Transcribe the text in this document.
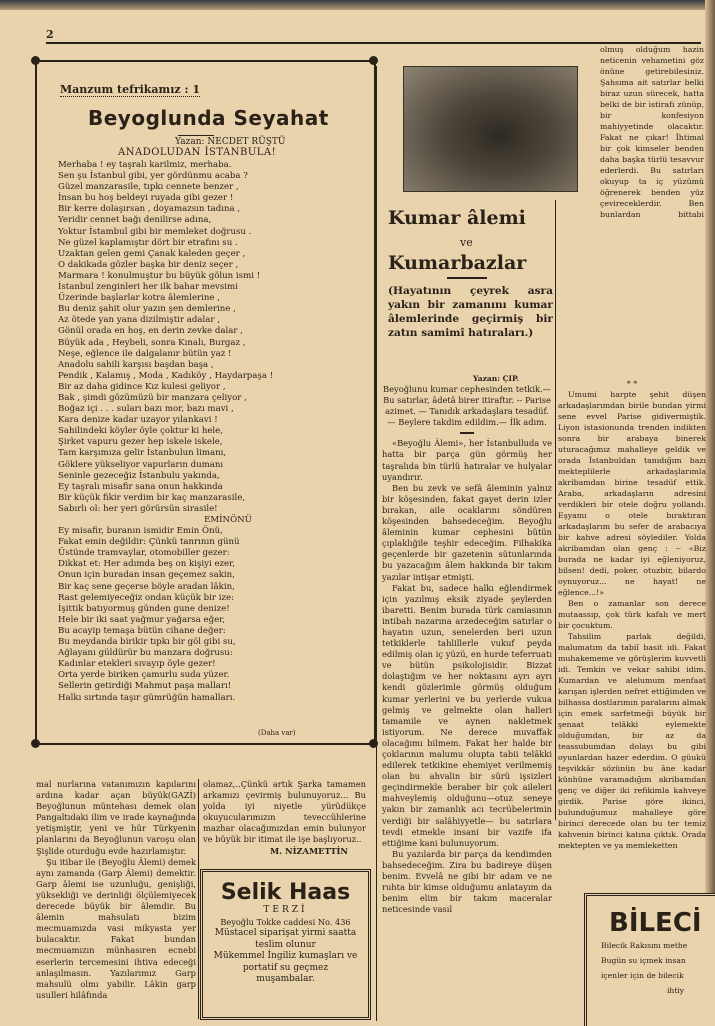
2
Manzum tefrikamız : 1
Beyoglunda Seyahat
Yazan: NECDET RÜŞTÜ
ANADOLUDAN İSTANBULA!
Merhaba ! ey taşralı karilmiz, merhaba.
Sen şu İstanbul gibi, yer gördünmu acaba ?
Güzel manzarasile, tıpkı cennete benzer ,
İnsan bu hoş beldeyi ruyada gibi gezer !
Bir kerre dolaşırsan , doyamazsın tadına ,
Yeridir cennet bağı denilirse adına,
Yoktur İstambul gibi bir memleket doğrusu .
Ne güzel kaplamıştır dört bir etrafını su .
Uzaktan gelen gemi Çanak kaleden geçer ,
O dakikada gözler başka bir deniz seçer ,
Marmara ! konulmuştur bu büyük gölun ismi !
İstanbul zenginleri her ilk bahar mevsimi
Üzerinde başlarlar kotra âlemlerine ,
Bu deniz şahit olur yazın şen demlerine ,
Az ötede yan yana dizilmiştir adalar ,
Gönül orada en hoş, en derin zevke dalar ,
Büyük ada , Heybeli, sonra Kınalı, Burgaz ,
Neşe, eğlence ile dalgalanır bütün yaz !
Anadolu sahili karşısı başdan başa ,
Pendik , Kalamış , Moda , Kadıköy , Haydarpaşa !
Bir az daha gidince Kız kulesi geliyor ,
Bak , şimdi gözümüzü bir manzara çeliyor ,
Boğaz içi . . . suları bazı mor, bazı mavi ,
Kara denize kadar uzayor yılankavi !
Sahilindeki köyler öyle çoktur ki hele,
Şirket vapuru gezer hep iskele iskele,
Tam karşımıza gelir İstanbulun limanı,
Göklere yükseliyor vapurların dumanı
Seninle gezeceğiz İstanbulu yakında,
Ey taşralı misafir sana onun hakkında
Bir küçük fikir verdim bir kaç manzarasile,
Sabırlı ol: her yeri görürsün sirasile!
EMİNÖNÜ
Ey misafir, buranın ismidir Emin Önü,
Fakat emin değildir: Çünkü tanrının günü
Üstünde tramvaylar, otomobiller gezer:
Dikkat et: Her adımda beş on kişiyi ezer,
Onun için buradan insan geçemez sakin,
Bir kaç sene geçerse böyle aradan lâkin,
Rast gelemiyeceğiz ondan küçük bir ize:
İşittik batıyormuş günden gune denize!
Hele bir iki saat yağmur yağarsa eğer,
Bu acayip temaşa bütün cihane değer:
Bu meydanda birikir tıpkı bir göl gibi su,
Ağlayanı güldürür bu manzara doğrusu:
Kadınlar etekleri sıvayıp öyle gezer!
Orta yerde biriken çamurlu suda yüzer.
Sellerin getirdiği Mahmut paşa malları!
Halkı sırtında taşır gümrüğün hamalları.
(Daha var)
mal nurlarına vatanımızın kapılarını ardına kadar açan büyük(GAZİ) Beyoğlunun müntehası demek olan Pangaltıdaki ilim ve irade kaynağında yetişmiştir, yeni ve hür Türkyenin planlarını da Beyoğlunun varoşu olan Şişlide oturduğu evde hazırlamıştır.
Şu itibar ile (Beyoğlu Âlemi) demek aynı zamanda (Garp Âlemi) demektir. Garp âlemi ise uzunluğu, genişliği, yüksekliği ve derinliği ölçülemiyecek derecede büyük bir âlemdir. Bu âlemin mahsulatı bizim mecmuamızda vasi mikyasta yer bulacaktır. Fakat bundan mecmuamızın münhasıren ecnebi eserlerin tercemesini ihtiva edeceği anlaşılmasın. Yazılarımız Garp mahsulü olmı yabilir. Lâkin garp usulleri hilâfında
olamaz,..Çünkü artık Şarka tamamen arkamızı çevirmiş bulunuyoruz... Bu yolda iyi niyetle yürüdükçe okuyucularımızın teveccühlerine mazhar olacağımızdan emin bulunyor ve büyük bir itimat ile işe başlıyoruz..
M. NİZAMETTİN
Selik Haas
TERZİ
Beyoğlu Tokke caddesi No. 436
Müstacel siparişat yirmi saatta teslim olunur
Mükemmel İngiliz kumaşları ve portatif su geçmez muşambalar.
Kumar âlemi
ve
Kumarbazlar
(Hayatının çeyrek asra yakın bir zamanını kumar âlemlerinde geçirmiş bir zatın samimî hatıraları.)
Yazan: ÇIP.
Beyoğlunu kumar cephesinden tetkik.— Bu satırlar, âdetâ birer itiraftır. -- Parise azimet. — Tanıdık arkadaşlara tesadüf. — Beylere takdim edildim.— İlk adım.
«Beyoğlu Âlemi», her İstanbulluda ve hatta bir parça gün görmüş her taşralıda bin türlü hatıralar ve hulyalar uyandırır.
Ben bu zevk ve sefâ âleminin yalnız bir köşesinden, fakat gayet derin izler bırakan, aile ocaklarını söndüren köşesinden bahsedeceğim. Beyoğlu âleminin kumar cephesini bütün çıplaklığile teşhir edeceğim. Filhakika geçenlerde bir gazetenin sütunlarında bu yazacağım âlem hakkında bir takım yazılar intişar etmişti.
Fakat bu, sadece halkı eğlendirmek için yazılmış eksik ziyade şeylerden ibaretti. Benim burada türk camiasının intibah nazarına arzedeceğim satırlar o hayatın uzun, senelerden beri uzun tetkiklerle tahlillerle vukuf peyda edilmiş olan iç yüzü, en hurde teferruatı ve bütün psikolojisidir. Bizzat dolaştığım ve her noktasını ayrı ayrı kendi gözlerimle görmüş olduğum kumar yerlerini ve bu yerlerde vukua gelmiş ve gelmekte olan halleri tamamile ve aynen nakletmek istiyorum. Ne derece muvaffak olacağımı bilmem. Fakat her halde bir çoklarının malumu olupta tabii telâkki edilerek tetkikine ehemiyet verilmemiş olan bu ahvalin bir sürü işsizleri geçindirmekle beraber bir çok aileleri mahveylemiş olduğunu—otuz seneye yakın bir zamanlık acı tecrübelerimin verdiği bir salâhiyyetle— bu satırlara tevdi etmekle insani bir vazife ifa ettiğime kani bulunuyorum.
Bu yazılarda bir parça da kendimden bahsedeceğim. Zira bu badireye düşen benim. Evvelâ ne gibi bir adam ve ne ruhta bir kimse olduğumu anlatayım da benim elim bir takım maceralar neticesinde vasıl
olmuş olduğum hazin neticenin vehametini göz önüne getirebilesiniz. Şahsıma ait satırlar belki biraz uzun sürecek, hatta belki de bir istirafı zünüp, bir konfesiyon mahiyyetinde olacaktır. Fakat ne çıkar! İhtimal bir çok kimseler benden daha başka türlü tesavvur ederlerdi. Bu satırları okuyup ta iç yüzümü öğrenerek benden yüz çevireceklerdir. Ben bunlardan bittabi
* *
Umumi harpte şehit düşen arkadaşlarımdan birile bundan yirmi sene evvel Parise gidivermiştik. Liyon istasionunda trenden indikten sonra bir arabaya binerek uturacağımız mahalleye geldik ve orada İstanbuldan tanıdığım bazı mekteplilerle arkadaşlarımla akribamdan birine tesadüf ettik. Araba, arkadaşların adresini verdikleri bir otele doğru yollandı. Eşyamı o otele bıraktıran arkadaşlarım bu sefer de arabacıya bir kahve adresi söylediler. Yolda akribamdan olan genç : -- «Biz burada ne kadar iyi eğleniyoruz, bilsen! dedi, poker, otuzbir, bilardo oynuyoruz... ne hayat! ne eğlence...!»
Ben o zamanlar son derece mutaassıp, çok türk kafalı ve mert bir çocuktum.
Tahsilim parlak değildi, malumatım da tabiî basit idi. Fakat muhakememe ve görüşlerim kuvvetli idi. Temkin ve vekar sahibi idim. Kumardan ve alelumum menfaat karışan işlerden nefret ettiğimden ve bilhassa dostlarımın paralarını almak için emek sarfetmeği büyük bir şenaat telâkki eylemekte olduğumdan, bir az da teassubumdan dolayı bu gibi oyunlardan hazer ederdim. O güukü teşvikkâr sözünün bu âne kadar künhüne varamadığım akribamdan genç ve diğer iki refikimla kahveye girdik. Parise göre ikinci, bulunduğumuz mahalleye göre birinci derecede olan bu ter temiz kahvenin birinci katına çıktık. Orada mektepten ve ya memleketten
BİLECİ
Bilecik Rakısını methe
Bugün su içmek insan
içenler için de bilecik
ihtiy
